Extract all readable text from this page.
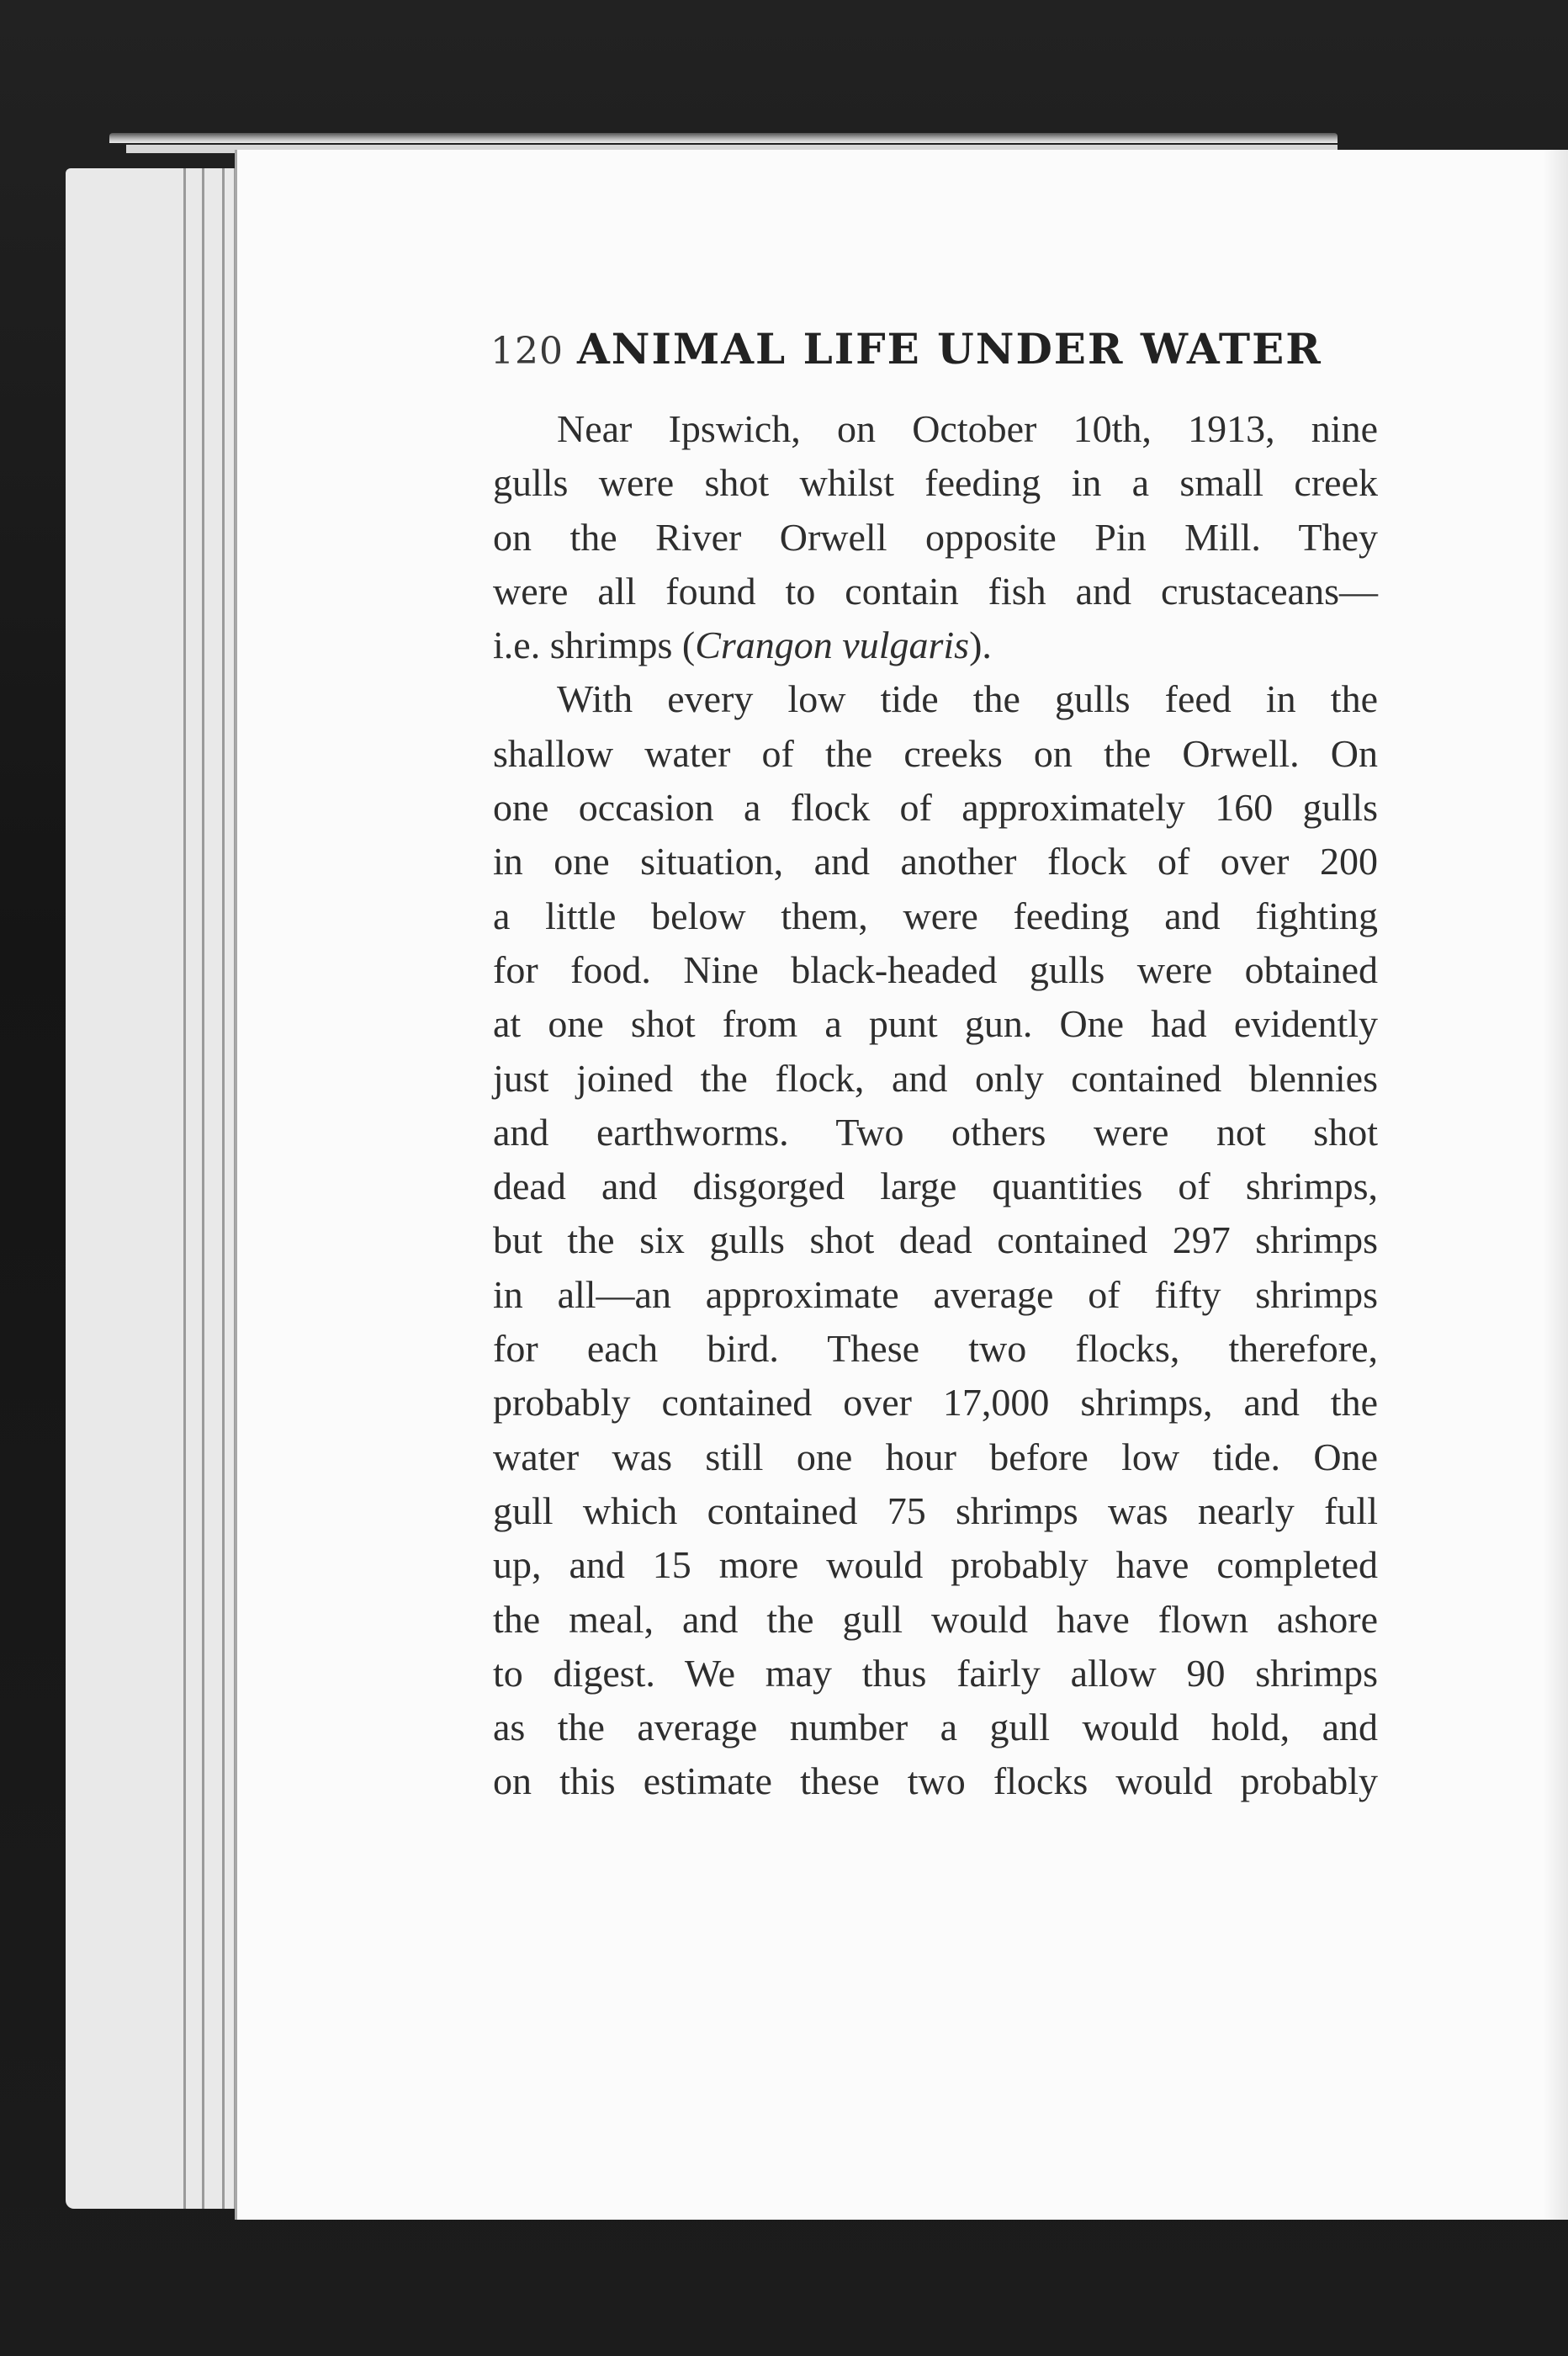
120 ANIMAL LIFE UNDER WATER
Near Ipswich, on October 10th, 1913, nine
gulls were shot whilst feeding in a small creek
on the River Orwell opposite Pin Mill. They
were all found to contain fish and crustaceans—
i.e. shrimps (Crangon vulgaris).
With every low tide the gulls feed in the
shallow water of the creeks on the Orwell. On
one occasion a flock of approximately 160 gulls
in one situation, and another flock of over 200
a little below them, were feeding and fighting
for food. Nine black-headed gulls were obtained
at one shot from a punt gun. One had evidently
just joined the flock, and only contained blennies
and earthworms. Two others were not shot
dead and disgorged large quantities of shrimps,
but the six gulls shot dead contained 297 shrimps
in all—an approximate average of fifty shrimps
for each bird. These two flocks, therefore,
probably contained over 17,000 shrimps, and the
water was still one hour before low tide. One
gull which contained 75 shrimps was nearly full
up, and 15 more would probably have completed
the meal, and the gull would have flown ashore
to digest. We may thus fairly allow 90 shrimps
as the average number a gull would hold, and
on this estimate these two flocks would probably
